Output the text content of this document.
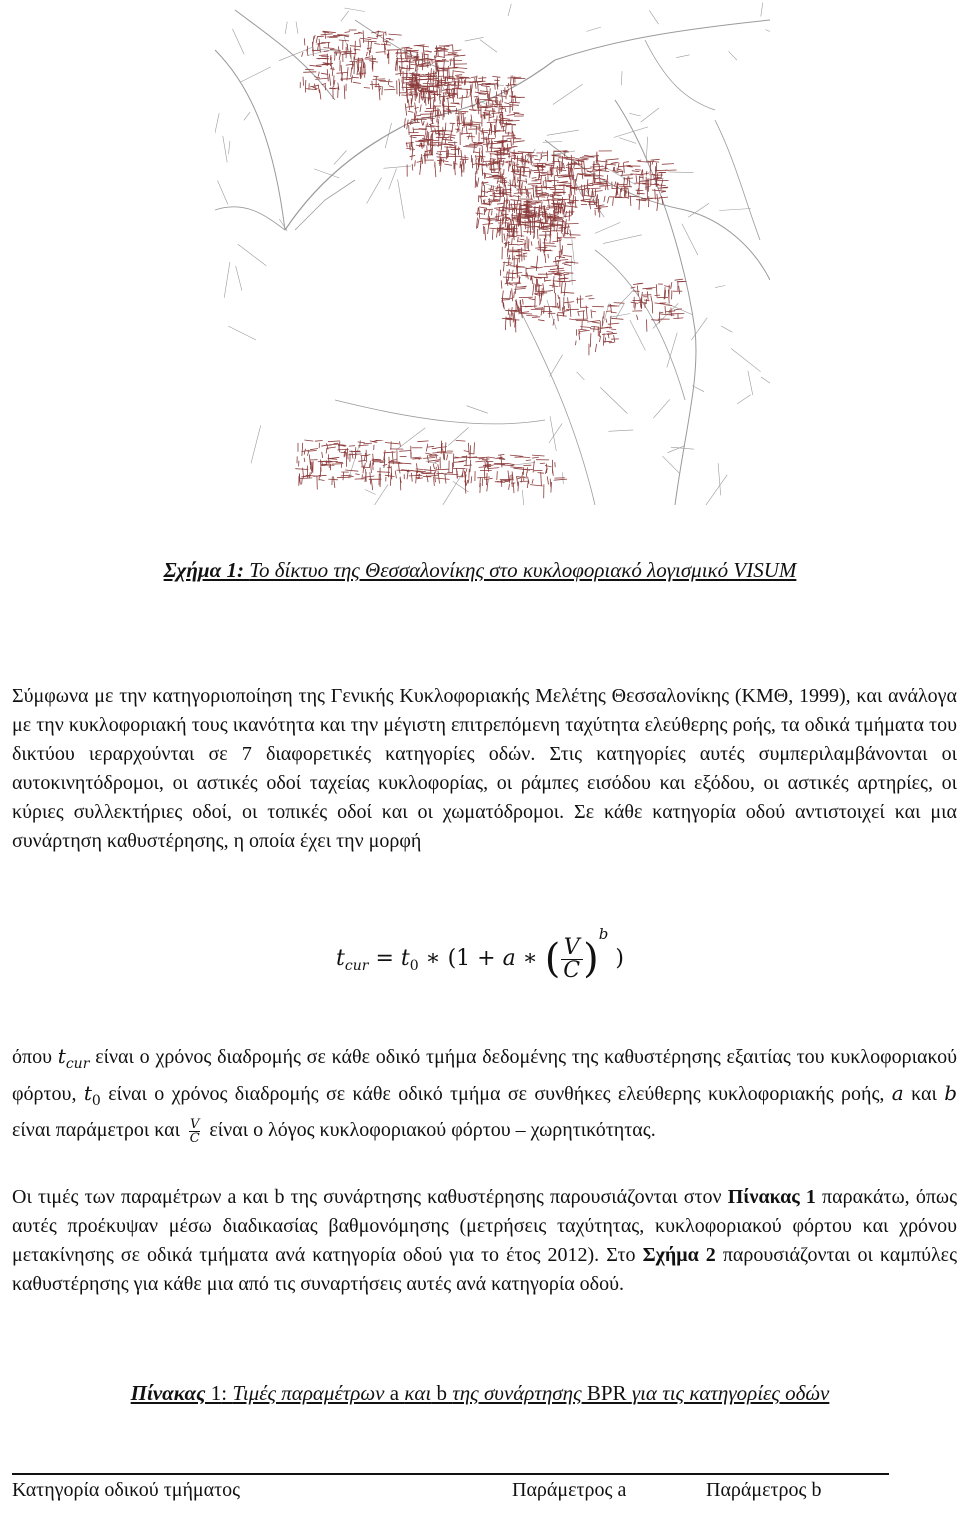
Σχήμα 1: Το δίκτυο της Θεσσαλονίκης στο κυκλοφοριακό λογισμικό VISUM
Σύμφωνα με την κατηγοριοποίηση της Γενικής Κυκλοφοριακής Μελέτης Θεσσαλονίκης (ΚΜΘ, 1999), και ανάλογα με την κυκλοφοριακή τους ικανότητα και την μέγιστη επιτρεπόμενη ταχύτητα ελεύθερης ροής, τα οδικά τμήματα του δικτύου ιεραρχούνται σε 7 διαφορετικές κατηγορίες οδών. Στις κατηγορίες αυτές συμπεριλαμβάνονται οι αυτοκινητόδρομοι, οι αστικές οδοί ταχείας κυκλοφορίας, οι ράμπες εισόδου και εξόδου, οι αστικές αρτηρίες, οι κύριες συλλεκτήριες οδοί, οι τοπικές οδοί και οι χωματόδρομοι. Σε κάθε κατηγορία οδού αντιστοιχεί και μια συνάρτηση καθυστέρησης, η οποία έχει την μορφή
$t_{cur} = t_0$ ∗ (1 + a ∗ ( $\frac{V}{C} )^b$ )
όπου $t_{cur}$ είναι ο χρόνος διαδρομής σε κάθε οδικό τμήμα δεδομένης της καθυστέρησης εξαιτίας του κυκλοφοριακού φόρτου, $t_0$ είναι ο χρόνος διαδρομής σε κάθε οδικό τμήμα σε συνθήκες ελεύθερης κυκλοφοριακής ροής, a και b είναι παράμετροι και $\frac{V}{C}$ είναι ο λόγος κυκλοφοριακού φόρτου – χωρητικότητας.
Οι τιμές των παραμέτρων a και b της συνάρτησης καθυστέρησης παρουσιάζονται στον Πίνακας 1 παρακάτω, όπως αυτές προέκυψαν μέσω διαδικασίας βαθμονόμησης (μετρήσεις ταχύτητας, κυκλοφοριακού φόρτου και χρόνου μετακίνησης σε οδικά τμήματα ανά κατηγορία οδού για το έτος 2012). Στο Σχήμα 2 παρουσιάζονται οι καμπύλες καθυστέρησης για κάθε μια από τις συναρτήσεις αυτές ανά κατηγορία οδού.
Πίνακας 1: Τιμές παραμέτρων a και b της συνάρτησης BPR για τις κατηγορίες οδών
Κατηγορία οδικού τμήματος	Παράμετρος a	Παράμετρος b
